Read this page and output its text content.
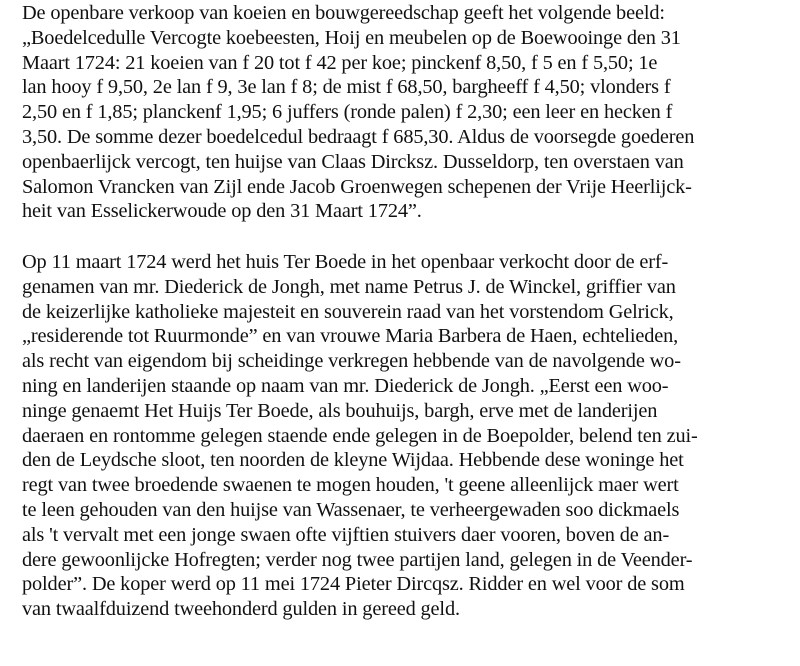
De openbare verkoop van koeien en bouwgereedschap geeft het volgende beeld:
„Boedelcedulle Vercogte koebeesten, Hoij en meubelen op de Boewooinge den 31
Maart 1724: 21 koeien van f 20 tot f 42 per koe; pinckenf 8,50, f 5 en f 5,50; 1e
lan hooy f 9,50, 2e lan f 9, 3e lan f 8; de mist f 68,50, bargheeff f 4,50; vlonders f
2,50 en f 1,85; planckenf 1,95; 6 juffers (ronde palen) f 2,30; een leer en hecken f
3,50. De somme dezer boedelcedul bedraagt f 685,30. Aldus de voorsegde goederen
openbaerlijck vercogt, ten huijse van Claas Dircksz. Dusseldorp, ten overstaen van
Salomon Vrancken van Zijl ende Jacob Groenwegen schepenen der Vrije Heerlijck-
heit van Esselickerwoude op den 31 Maart 1724”.
Op 11 maart 1724 werd het huis Ter Boede in het openbaar verkocht door de erf-
genamen van mr. Diederick de Jongh, met name Petrus J. de Winckel, griffier van
de keizerlijke katholieke majesteit en souverein raad van het vorstendom Gelrick,
„residerende tot Ruurmonde” en van vrouwe Maria Barbera de Haen, echtelieden,
als recht van eigendom bij scheidinge verkregen hebbende van de navolgende wo-
ning en landerijen staande op naam van mr. Diederick de Jongh. „Eerst een woo-
ninge genaemt Het Huijs Ter Boede, als bouhuijs, bargh, erve met de landerijen
daeraen en rontomme gelegen staende ende gelegen in de Boepolder, belend ten zui-
den de Leydsche sloot, ten noorden de kleyne Wijdaa. Hebbende dese woninge het
regt van twee broedende swaenen te mogen houden, 't geene alleenlijck maer wert
te leen gehouden van den huijse van Wassenaer, te verheergewaden soo dickmaels
als 't vervalt met een jonge swaen ofte vijftien stuivers daer vooren, boven de an-
dere gewoonlijcke Hofregten; verder nog twee partijen land, gelegen in de Veender-
polder”. De koper werd op 11 mei 1724 Pieter Dircqsz. Ridder en wel voor de som
van twaalfduizend tweehonderd gulden in gereed geld.
